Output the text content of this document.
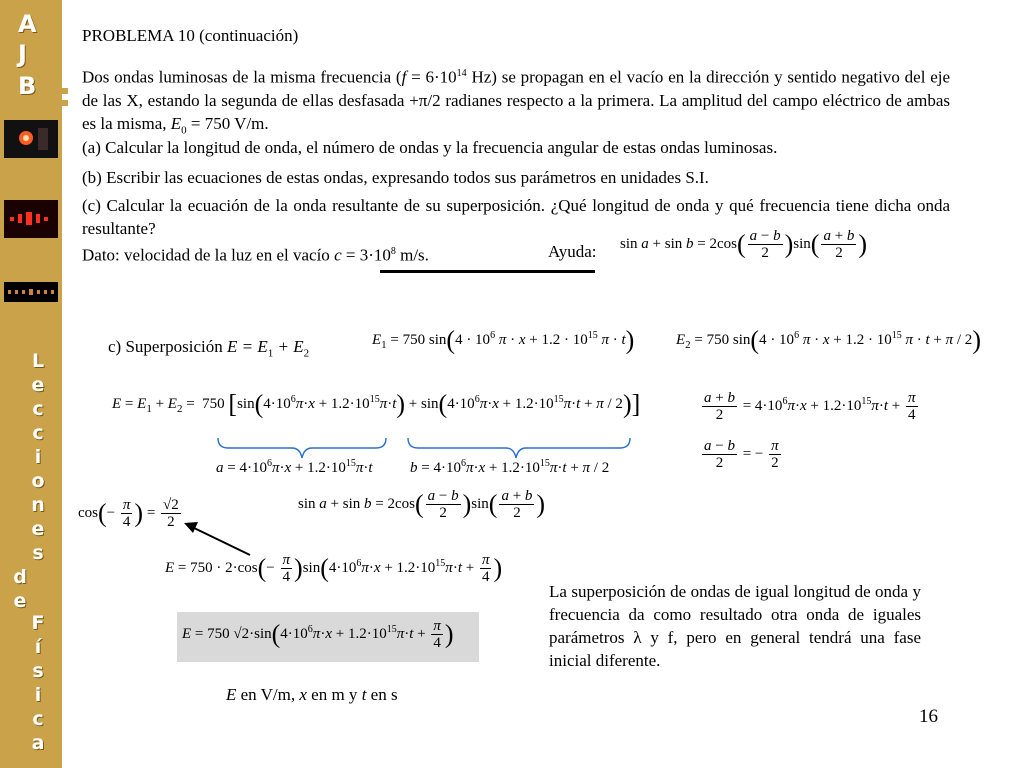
A
J
B
L
e
c
c
i
o
n
e
s
d
e
F
í
s
i
c
a
PROBLEMA 10 (continuación)
Dos ondas luminosas de la misma frecuencia ($f = 6\cdot 10^{14}$ Hz) se propagan en el vacío en la dirección y sentido negativo del eje de las X, estando la segunda de ellas desfasada +π/2 radianes respecto a la primera. La amplitud del campo eléctrico de ambas es la misma, $E_0 = 750$ V/m.
(a) Calcular la longitud de onda, el número de ondas y la frecuencia angular de estas ondas luminosas.
(b) Escribir las ecuaciones de estas ondas, expresando todos sus parámetros en unidades S.I.
(c) Calcular la ecuación de la onda resultante de su superposición. ¿Qué longitud de onda y qué frecuencia tiene dicha onda resultante?
Dato: velocidad de la luz en el vacío $c = 3\cdot 10^8$ m/s.	Ayuda: $\sin a + \sin b = 2\cos( \frac{a - b}{2} )\sin( \frac{a + b}{2}$ )
c) Superposición $E = E_1 + E_2$
$E_1 = 750$ $\sin(4 \cdot 10^6$ $\pi \cdot x + 1.2 \cdot 10^{15}$ π · t)	$E_2 = 750$ $\sin(4 \cdot 10^6$ $\pi \cdot x + 1.2 \cdot 10^{15}$ π · t + π / 2)
$E = E_1 + E_2 = 750$ $[\sin(4\cdot 10^6\pi\cdot x + 1.2\cdot 10^{15}\pi\cdot t) + \sin(4\cdot 10^6\pi\cdot x + 1.2\cdot 10^{15}\pi\cdot t + \pi / 2)]$
$a = 4\cdot 10^6\pi\cdot x + 1.2\cdot 10^{15}\pi\cdot t$ $b = 4\cdot 10^6\pi\cdot x + 1.2\cdot 10^{15}\pi\cdot t + \pi / 2$
$\frac{a + b}{2} = 4\cdot 10^6\pi\cdot x + 1.2\cdot 10^{15}\pi\cdot t + \frac{\pi}{4}$
$\frac{a - b}{2}$ = − $\frac{\pi}{2}$
$\sin a + \sin b = 2\cos( \frac{a - b}{2} )\sin( \frac{a + b}{2}$ )
$\cos(- \frac{\pi}{4}$ ) = $\frac{√2}{2}$
$E = 750 \cdot 2\cdot\cos(- \frac{\pi}{4} )\sin(4\cdot 10^6\pi\cdot x + 1.2\cdot 10^{15}\pi\cdot t + \frac{\pi}{4}$ )
E = 750 $√2\cdot\sin(4\cdot 10^6\pi\cdot x + 1.2\cdot 10^{15}\pi\cdot t + \frac{\pi}{4}$ )
E en V/m, x en m y t en s
La superposición de ondas de igual longitud de onda y frecuencia da como resultado otra onda de iguales parámetros λ y f, pero en general tendrá una fase inicial diferente.
16
